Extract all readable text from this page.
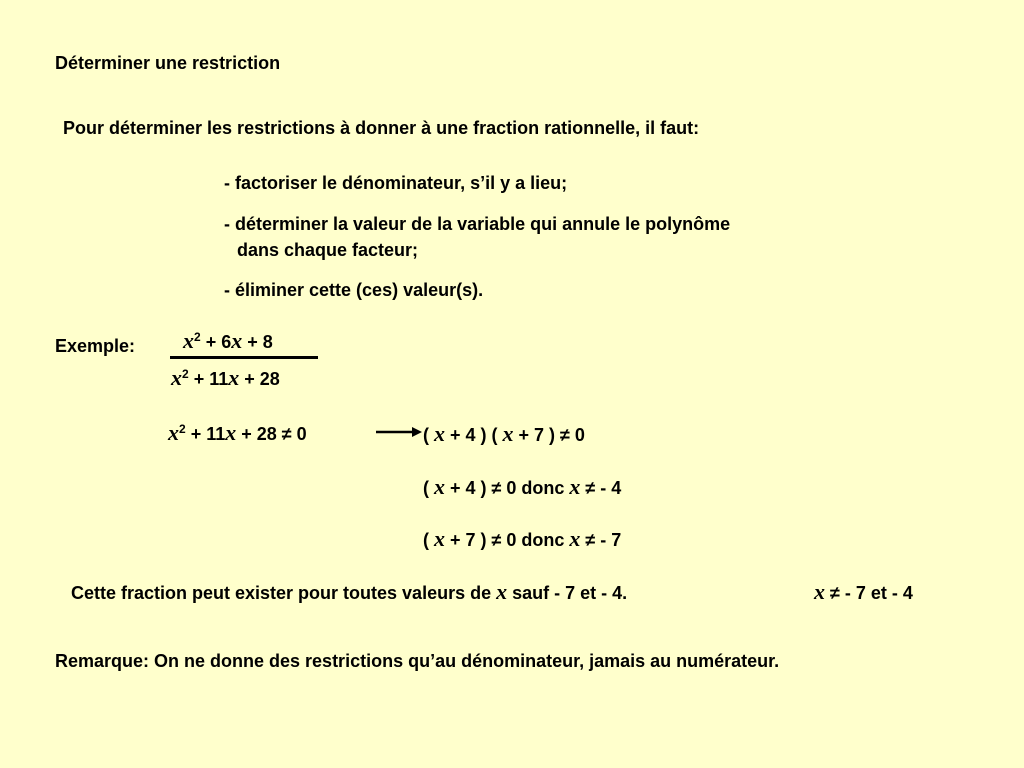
Déterminer une restriction
Pour déterminer les restrictions à donner à une fraction rationnelle, il faut:
- factoriser le dénominateur, s’il y a lieu;
- déterminer la valeur de la variable qui annule le polynôme
dans chaque facteur;
- éliminer cette (ces) valeur(s).
Exemple: $x^2 + 6x + 8$
$x^2 + 11x + 28$
$x^2 + 11x + 28 \ne 0$	( x + 4 ) ( x + 7 ) ≠ 0
( x + 4 ) ≠ 0 donc x ≠ - 4
( x + 7 ) ≠ 0 donc x ≠ - 7
Cette fraction peut exister pour toutes valeurs de x sauf - 7 et - 4.	x ≠ - 7 et - 4
Remarque: On ne donne des restrictions qu’au dénominateur, jamais au numérateur.
